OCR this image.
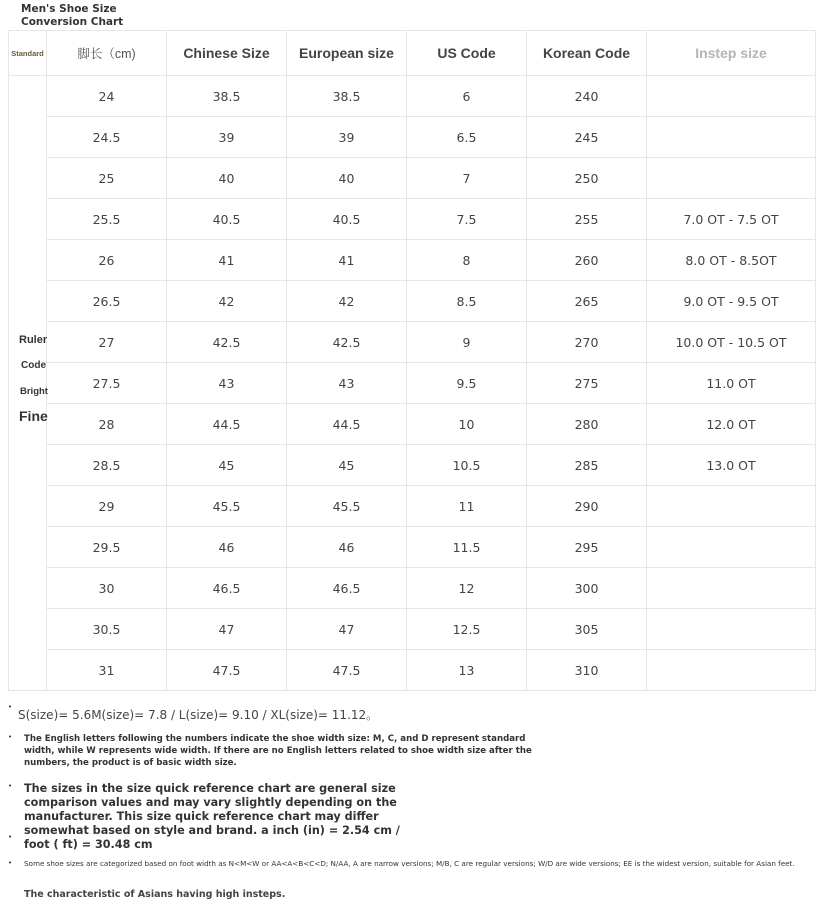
Men's Shoe Size Conversion Chart
Standard	脚长（cm)	Chinese Size	European size	US Code	Korean Code	Instep size

Ruler
Code
Bright
Fine	24	38.5	38.5	6	240	
	24.5	39	39	6.5	245	
	25	40	40	7	250	
	25.5	40.5	40.5	7.5	255	7.0 OT - 7.5 OT
	26	41	41	8	260	8.0 OT - 8.5OT
	26.5	42	42	8.5	265	9.0 OT - 9.5 OT
	27	42.5	42.5	9	270	10.0 OT - 10.5 OT
	27.5	43	43	9.5	275	11.0 OT
	28	44.5	44.5	10	280	12.0 OT
	28.5	45	45	10.5	285	13.0 OT
	29	45.5	45.5	11	290	
	29.5	46	46	11.5	295	
	30	46.5	46.5	12	300	
	30.5	47	47	12.5	305	
	31	47.5	47.5	13	310	
•
S(size)= 5.6M(size)= 7.8 / L(size)= 9.10 / XL(size)= 11.12。
• The English letters following the numbers indicate the shoe width size: M, C, and D represent standard width, while W represents wide width. If there are no English letters related to shoe width size after the numbers, the product is of basic width size.
• The sizes in the size quick reference chart are general size comparison values and may vary slightly depending on the manufacturer. This size quick reference chart may differ somewhat based on style and brand. a inch (in) = 2.54 cm / foot ( ft) = 30.48 cm
•
• Some shoe sizes are categorized based on foot width as N<M<W or AA<A<B<C<D; N/AA, A are narrow versions; M/B, C are regular versions; W/D are wide versions; EE is the widest version, suitable for Asian feet.
The characteristic of Asians having high insteps.
